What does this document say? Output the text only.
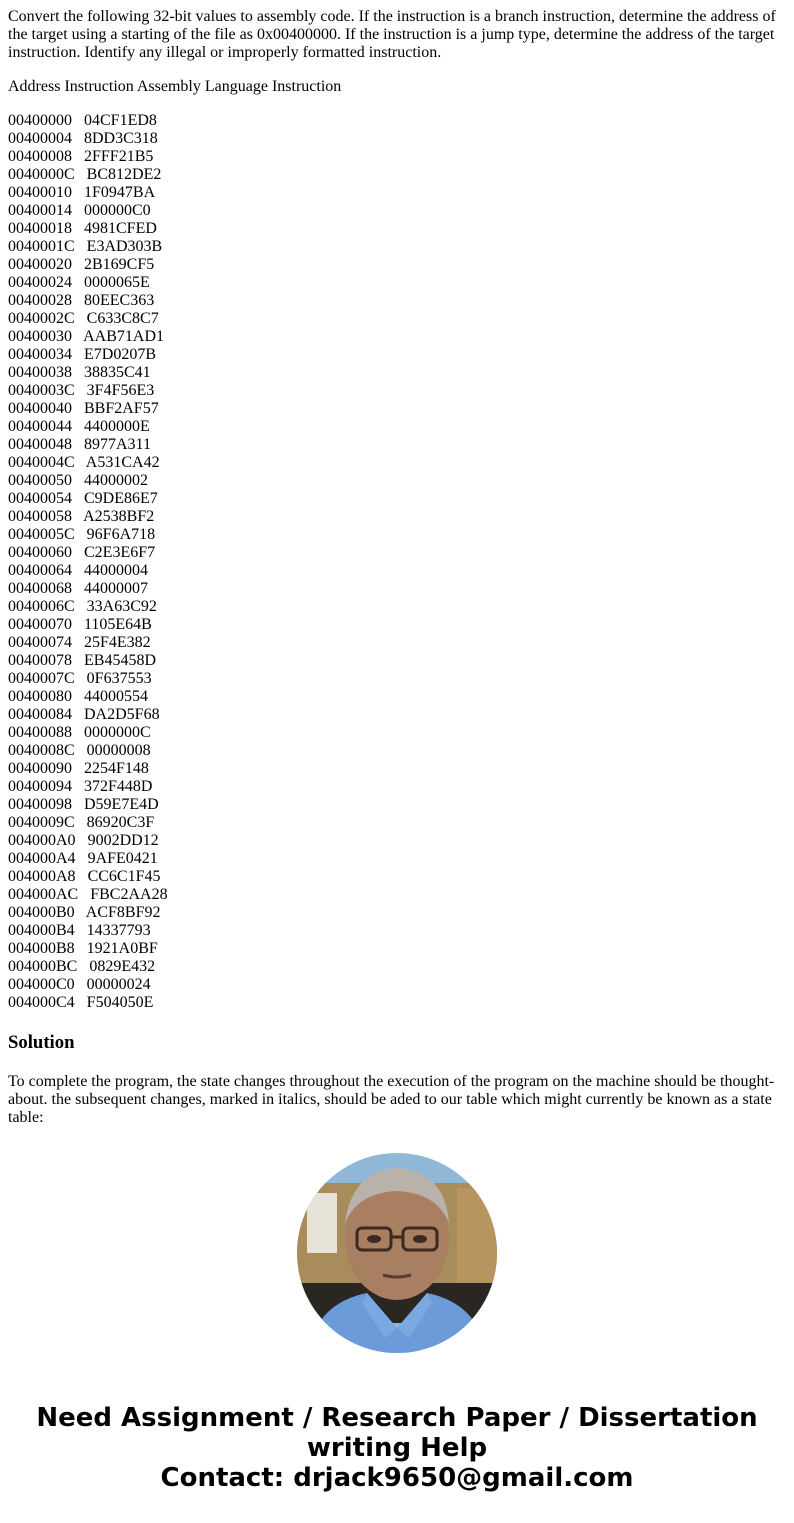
Convert the following 32-bit values to assembly code. If the instruction is a branch instruction, determine the address of the target using a starting of the file as 0x00400000. If the instruction is a jump type, determine the address of the target instruction. Identify any illegal or improperly formatted instruction.

Address Instruction Assembly Language Instruction

00400000 04CF1ED8
00400004 8DD3C318
00400008 2FFF21B5
0040000C BC812DE2
00400010 1F0947BA
00400014 000000C0
00400018 4981CFED
0040001C E3AD303B
00400020 2B169CF5
00400024 0000065E
00400028 80EEC363
0040002C C633C8C7
00400030 AAB71AD1
00400034 E7D0207B
00400038 38835C41
0040003C 3F4F56E3
00400040 BBF2AF57
00400044 4400000E
00400048 8977A311
0040004C A531CA42
00400050 44000002
00400054 C9DE86E7
00400058 A2538BF2
0040005C 96F6A718
00400060 C2E3E6F7
00400064 44000004
00400068 44000007
0040006C 33A63C92
00400070 1105E64B
00400074 25F4E382
00400078 EB45458D
0040007C 0F637553
00400080 44000554
00400084 DA2D5F68
00400088 0000000C
0040008C 00000008
00400090 2254F148
00400094 372F448D
00400098 D59E7E4D
0040009C 86920C3F
004000A0 9002DD12
004000A4 9AFE0421
004000A8 CC6C1F45
004000AC FBC2AA28
004000B0 ACF8BF92
004000B4 14337793
004000B8 1921A0BF
004000BC 0829E432
004000C0 00000024
004000C4 F504050E
Solution

To complete the program, the state changes throughout the execution of the program on the machine should be thought-about. the subsequent changes, marked in italics, should be aded to our table which might currently be known as a state table:

Need Assignment / Research Paper / Dissertation
writing Help
Contact: drjack9650@gmail.com
